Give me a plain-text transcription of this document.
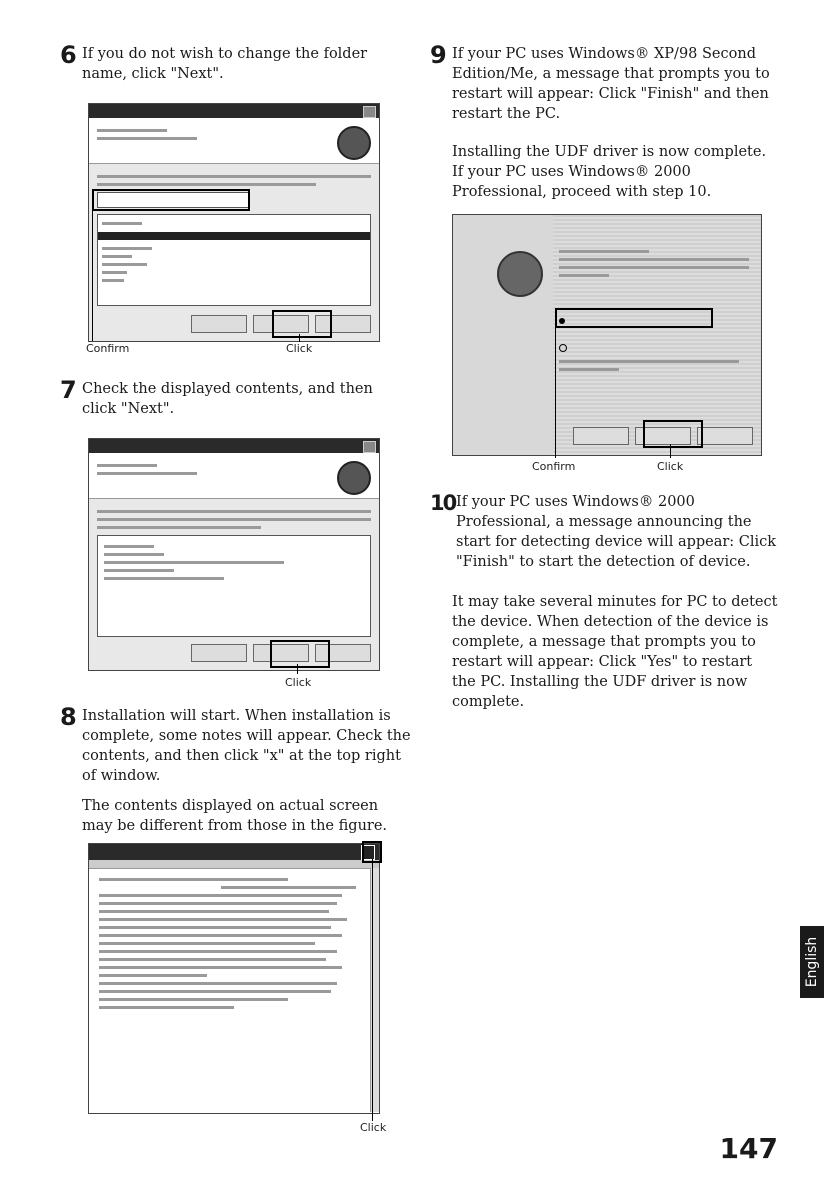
6 If you do not wish to change the folder name, click "Next".

Confirm	Click
7 Check the displayed contents, and then click "Next".

Click
8 Installation will start. When installation is complete, some notes will appear. Check the contents, and then click "x" at the top right of window.

The contents displayed on actual screen may be different from those in the figure.

Click
9 If your PC uses Windows® XP/98 Second Edition/Me, a message that prompts you to restart will appear: Click "Finish" and then restart the PC.

Installing the UDF driver is now complete. If your PC uses Windows® 2000 Professional, proceed with step 10.

Confirm	Click
10 If your PC uses Windows® 2000 Professional, a message announcing the start for detecting device will appear: Click "Finish" to start the detection of device.

It may take several minutes for PC to detect the device. When detection of the device is complete, a message that prompts you to restart will appear: Click "Yes" to restart the PC. Installing the UDF driver is now complete.

English
147
